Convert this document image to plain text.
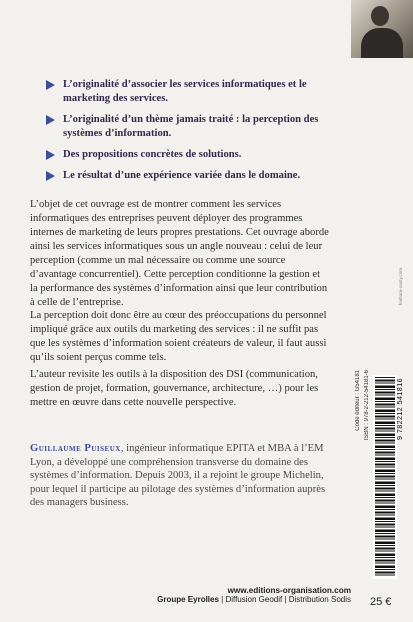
L’originalité d’associer les services informatiques et le marketing des services.
L’originalité d’un thème jamais traité : la perception des systèmes d’information.
Des propositions concrètes de solutions.
Le résultat d’une expérience variée dans le domaine.
L’objet de cet ouvrage est de montrer comment les services informatiques des entreprises peuvent déployer des programmes internes de marketing de leurs propres prestations. Cet ouvrage aborde ainsi les services informatiques sous un angle nouveau : celui de leur perception (comme un mal nécessaire ou comme une source d’avantage concurrentiel). Cette perception conditionne la gestion et la performance des systèmes d’information ainsi que leur contribution à celle de l’entreprise.
La perception doit donc être au cœur des préoccupations du personnel impliqué grâce aux outils du marketing des services : il ne suffit pas que les systèmes d’information soient créateurs de valeur, il faut aussi qu’ils soient perçus comme tels.
L’auteur revisite les outils à la disposition des DSI (communication, gestion de projet, formation, gouvernance, architecture, …) pour les mettre en œuvre dans cette nouvelle perspective.
Guillaume Puiseux, ingénieur informatique EPITA et MBA à l’EM Lyon, a développé une compréhension transverse du domaine des systèmes d’information. Depuis 2003, il a rejoint le groupe Michelin, pour lequel il participe au pilotage des systèmes d’information auprès des managers business.
barbara-santy.com
Code éditeur : G54181 ISBN : 978-2-212-54181-6	9 782212 541816
www.editions-organisation.com
Groupe Eyrolles | Diffusion Geodif | Distribution Sodis 25 €
